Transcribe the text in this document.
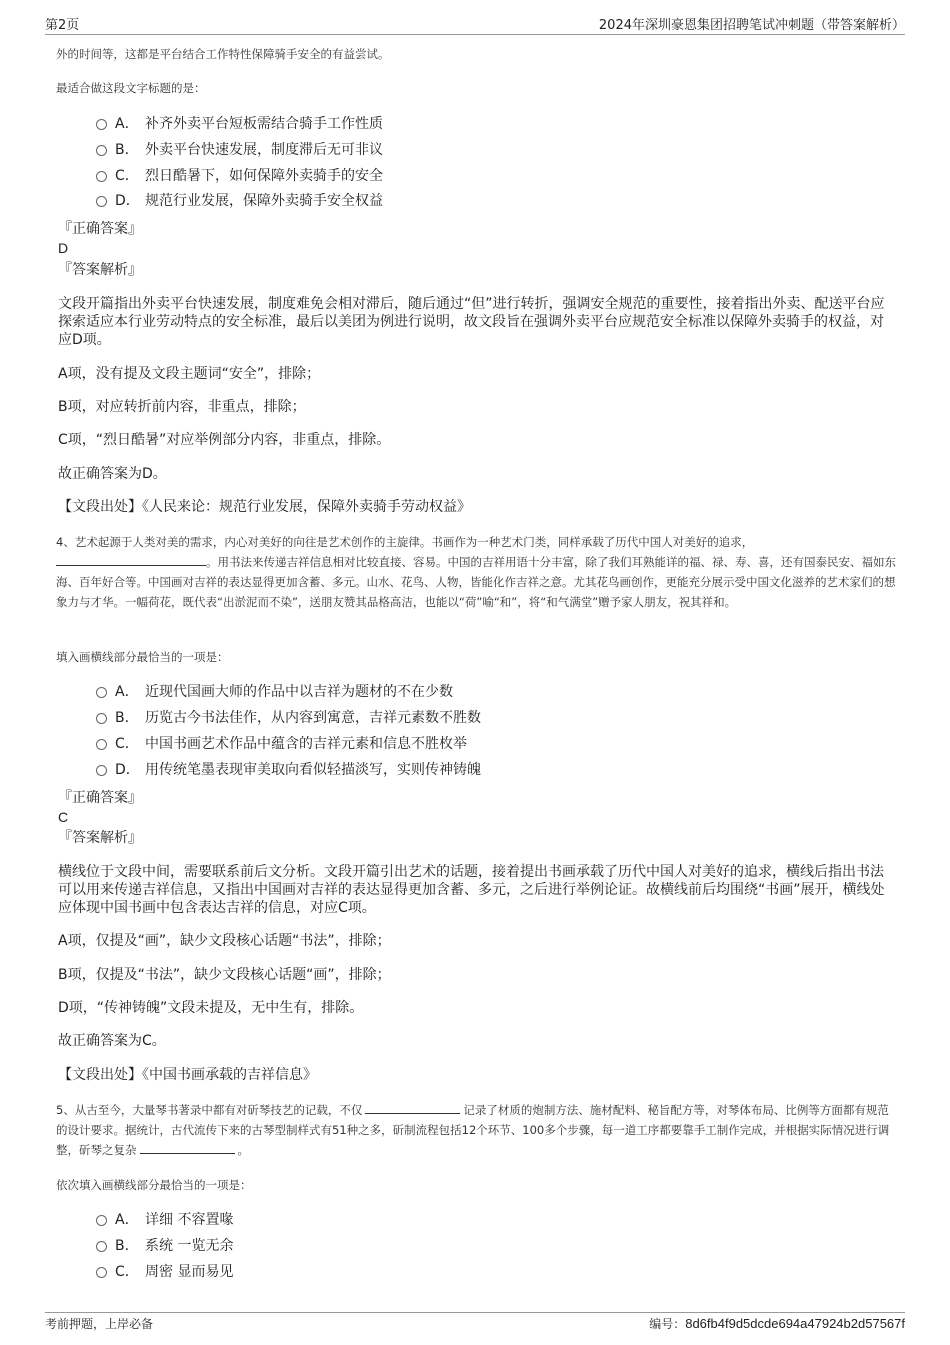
第2页	2024年深圳豪恩集团招聘笔试冲刺题（带答案解析）
外的时间等，这都是平台结合工作特性保障骑手安全的有益尝试。
最适合做这段文字标题的是：
A． 补齐外卖平台短板需结合骑手工作性质
B． 外卖平台快速发展，制度滞后无可非议
C． 烈日酷暑下，如何保障外卖骑手的安全
D． 规范行业发展，保障外卖骑手安全权益
『正确答案』
D
『答案解析』
文段开篇指出外卖平台快速发展，制度难免会相对滞后，随后通过“但”进行转折，强调安全规范的重要性，接着指出外卖、配送平台应探索适应本行业劳动特点的安全标准，最后以美团为例进行说明，故文段旨在强调外卖平台应规范安全标准以保障外卖骑手的权益，对应D项。
A项，没有提及文段主题词“安全”，排除；
B项，对应转折前内容，非重点，排除；
C项，“烈日酷暑”对应举例部分内容，非重点，排除。
故正确答案为D。
【文段出处】《人民来论：规范行业发展，保障外卖骑手劳动权益》
4、艺术起源于人类对美的需求，内心对美好的向往是艺术创作的主旋律。书画作为一种艺术门类，同样承载了历代中国人对美好的追求，
。用书法来传递吉祥信息相对比较直接、容易。中国的吉祥用语十分丰富，除了我们耳熟能详的福、禄、寿、喜，还有国泰民安、福如东海、百年好合等。中国画对吉祥的表达显得更加含蓄、多元。山水、花鸟、人物，皆能化作吉祥之意。尤其花鸟画创作，更能充分展示受中国文化滋养的艺术家们的想象力与才华。一幅荷花，既代表“出淤泥而不染”，送朋友赞其品格高洁，也能以“荷”喻“和”，将“和气满堂”赠予家人朋友，祝其祥和。
填入画横线部分最恰当的一项是：
A． 近现代国画大师的作品中以吉祥为题材的不在少数
B． 历览古今书法佳作，从内容到寓意，吉祥元素数不胜数
C． 中国书画艺术作品中蕴含的吉祥元素和信息不胜枚举
D． 用传统笔墨表现审美取向看似轻描淡写，实则传神铸魄
『正确答案』
C
『答案解析』
横线位于文段中间，需要联系前后文分析。文段开篇引出艺术的话题，接着提出书画承载了历代中国人对美好的追求，横线后指出书法可以用来传递吉祥信息，又指出中国画对吉祥的表达显得更加含蓄、多元，之后进行举例论证。故横线前后均围绕“书画”展开，横线处应体现中国书画中包含表达吉祥的信息，对应C项。
A项，仅提及“画”，缺少文段核心话题“书法”，排除；
B项，仅提及“书法”，缺少文段核心话题“画”，排除；
D项，“传神铸魄”文段未提及，无中生有，排除。
故正确答案为C。
【文段出处】《中国书画承载的吉祥信息》
5、从古至今，大量琴书著录中都有对斫琴技艺的记载，不仅	记录了材质的炮制方法、施材配料、秘旨配方等，对琴体布局、比例等方面都有规范的设计要求。据统计，古代流传下来的古琴型制样式有51种之多，斫制流程包括12个环节、100多个步骤，每一道工序都要靠手工制作完成，并根据实际情况进行调整，斫琴之复杂	。
依次填入画横线部分最恰当的一项是：
A． 详细 不容置喙
B． 系统 一览无余
C． 周密 显而易见
考前押题，上岸必备	编号：8d6fb4f9d5dcde694a47924b2d57567f
